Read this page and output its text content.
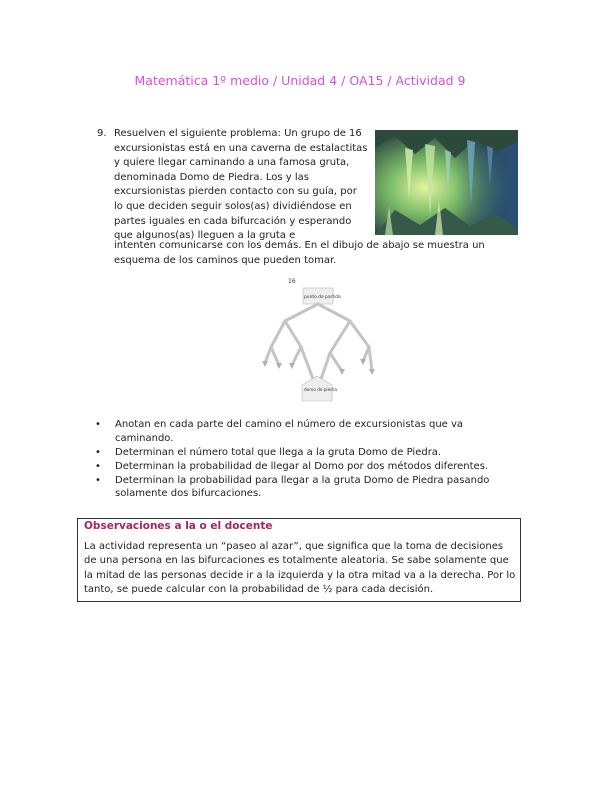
Matemática 1º medio / Unidad 4 / OA15 / Actividad 9
9. Resuelven el siguiente problema: Un grupo de 16 excursionistas está en una caverna de estalactitas y quiere llegar caminando a una famosa gruta, denominada Domo de Piedra. Los y las excursionistas pierden contacto con su guía, por lo que deciden seguir solos(as) dividiéndose en partes iguales en cada bifurcación y esperando que algunos(as) lleguen a la gruta e

intenten comunicarse con los demás. En el dibujo de abajo se muestra un esquema de los caminos que pueden tomar.

16
punto de partida
domo de piedra
• Anotan en cada parte del camino el número de excursionistas que va caminando.
• Determinan el número total que llega a la gruta Domo de Piedra.
• Determinan la probabilidad de llegar al Domo por dos métodos diferentes.
• Determinan la probabilidad para llegar a la gruta Domo de Piedra pasando solamente dos bifurcaciones.
Observaciones a la o el docente

La actividad representa un “paseo al azar”, que significa que la toma de decisiones de una persona en las bifurcaciones es totalmente aleatoria. Se sabe solamente que la mitad de las personas decide ir a la izquierda y la otra mitad va a la derecha. Por lo tanto, se puede calcular con la probabilidad de ½ para cada decisión.
